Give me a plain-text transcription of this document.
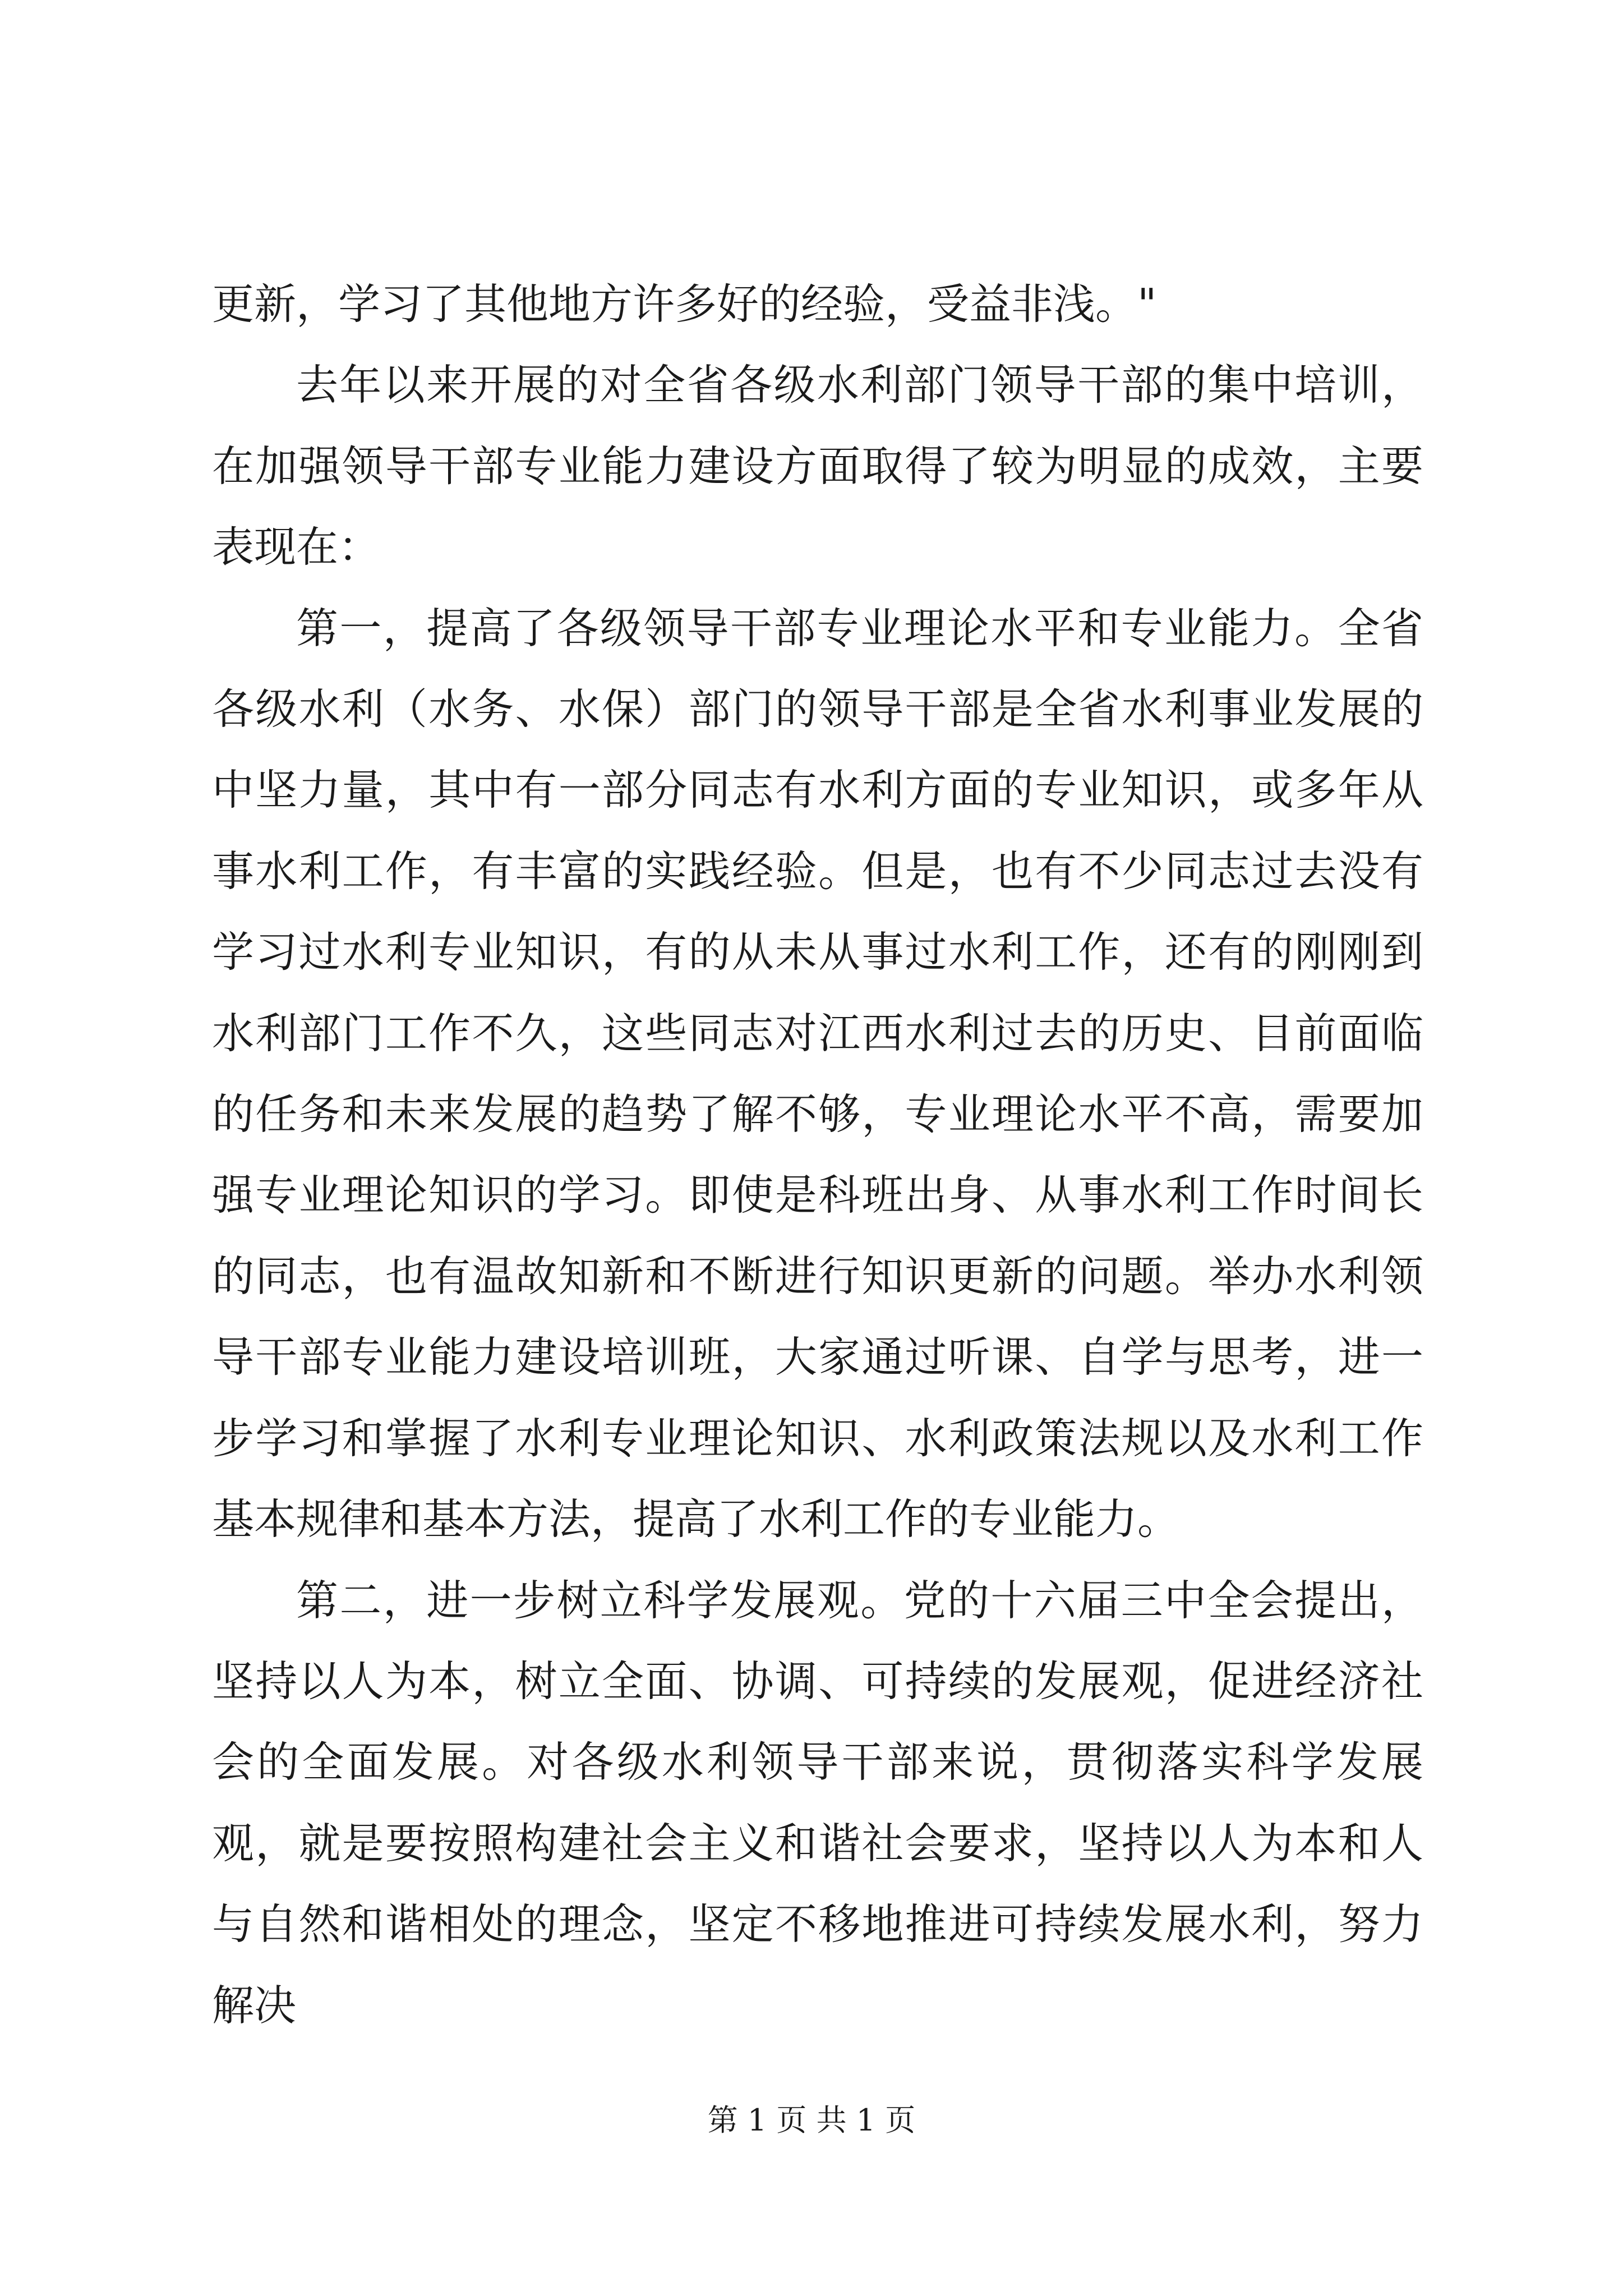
更新，学习了其他地方许多好的经验，受益非浅。"

去年以来开展的对全省各级水利部门领导干部的集中培训，在加强领导干部专业能力建设方面取得了较为明显的成效，主要表现在：

第一，提高了各级领导干部专业理论水平和专业能力。全省各级水利（水务、水保）部门的领导干部是全省水利事业发展的中坚力量，其中有一部分同志有水利方面的专业知识，或多年从事水利工作，有丰富的实践经验。但是，也有不少同志过去没有学习过水利专业知识，有的从未从事过水利工作，还有的刚刚到水利部门工作不久，这些同志对江西水利过去的历史、目前面临的任务和未来发展的趋势了解不够，专业理论水平不高，需要加强专业理论知识的学习。即使是科班出身、从事水利工作时间长的同志，也有温故知新和不断进行知识更新的问题。举办水利领导干部专业能力建设培训班，大家通过听课、自学与思考，进一步学习和掌握了水利专业理论知识、水利政策法规以及水利工作基本规律和基本方法，提高了水利工作的专业能力。

第二，进一步树立科学发展观。党的十六届三中全会提出，坚持以人为本，树立全面、协调、可持续的发展观，促进经济社会的全面发展。对各级水利领导干部来说，贯彻落实科学发展观，就是要按照构建社会主义和谐社会要求，坚持以人为本和人与自然和谐相处的理念，坚定不移地推进可持续发展水利，努力解决

第 1 页 共 1 页
